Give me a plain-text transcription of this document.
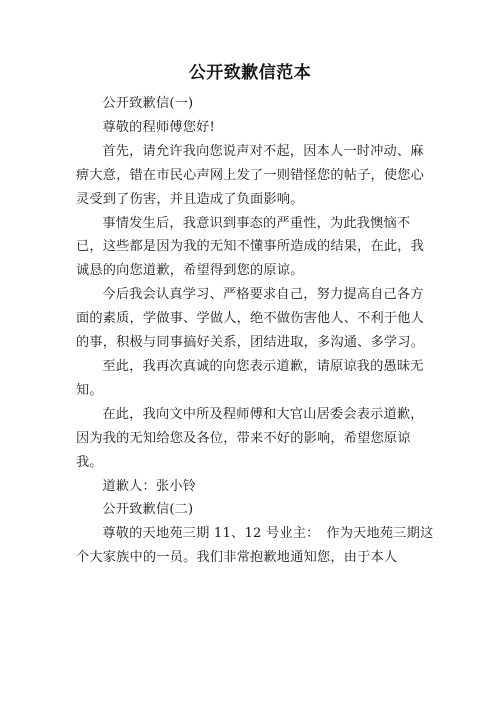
公开致歉信范本

公开致歉信(一)

尊敬的程师傅您好!

首先，请允许我向您说声对不起，因本人一时冲动、麻痹大意，错在市民心声网上发了一则错怪您的帖子，使您心灵受到了伤害，并且造成了负面影响。

事情发生后，我意识到事态的严重性，为此我懊恼不已，这些都是因为我的无知不懂事所造成的结果，在此，我诚恳的向您道歉，希望得到您的原谅。

今后我会认真学习、严格要求自己，努力提高自己各方面的素质，学做事、学做人，绝不做伤害他人、不利于他人的事，积极与同事搞好关系，团结进取，多沟通、多学习。

至此，我再次真诚的向您表示道歉，请原谅我的愚昧无知。

在此，我向文中所及程师傅和大官山居委会表示道歉，因为我的无知给您及各位，带来不好的影响，希望您原谅我。

道歉人：张小铃

公开致歉信(二)

尊敬的天地苑三期 11、12 号业主：　作为天地苑三期这个大家族中的一员。我们非常抱歉地通知您，由于本人
